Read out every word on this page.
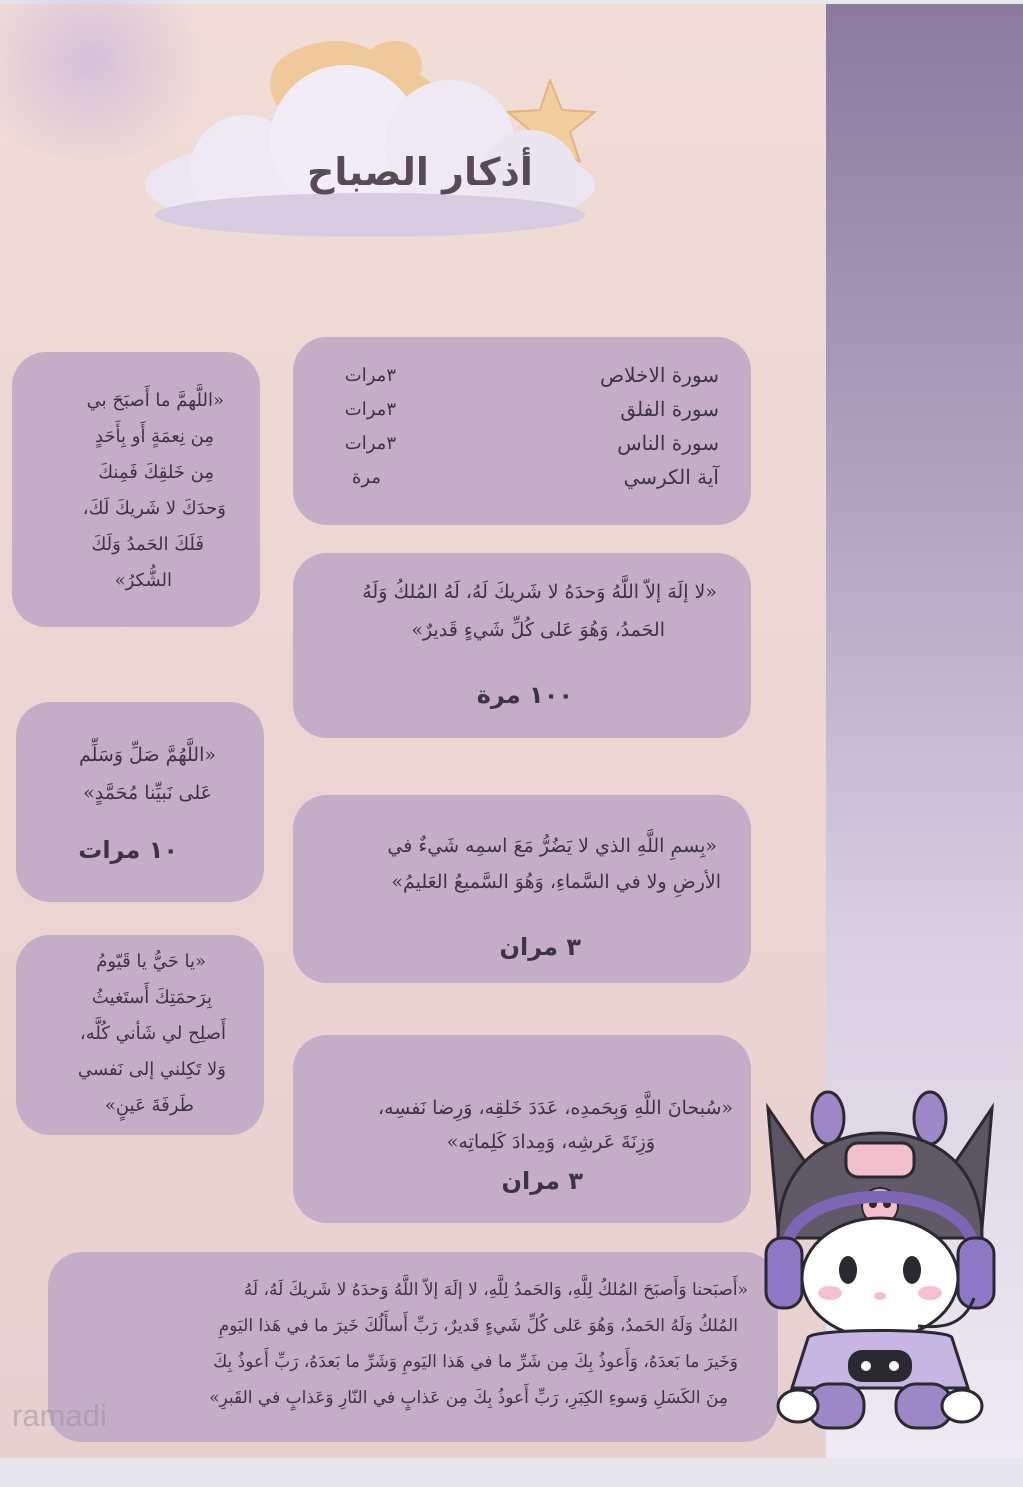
أذكار الصباح
سورة الاخلاص
٣مرات
سورة الفلق
٣مرات
سورة الناس
٣مرات
آية الكرسي
مرة
«لا إلَهَ إلاّ اللَّهُ وَحدَهُ لا شَريكَ لَهُ، لَهُ المُلكُ وَلَهُ
الحَمدُ، وَهُوَ عَلى كُلِّ شَيءٍ قَديرٌ»
١٠٠ مرة
«بِسمِ اللَّهِ الذي لا يَضُرُّ مَعَ اسمِه شَيءٌ في
الأرضِ ولا في السَّماءِ، وَهُوَ السَّميعُ العَليمُ»
٣ مران
«سُبحانَ اللَّهِ وَبِحَمدِه، عَدَدَ خَلقِه، وَرِضا نَفسِه،
وَزِنَةَ عَرشِه، وَمِدادَ كَلِماتِه»
٣ مران
«اللَّهمَّ ما أَصبَحَ بي
مِن نِعمَةٍ أَو بِأَحَدٍ
مِن خَلقِكَ فَمِنكَ
وَحدَكَ لا شَريكَ لَكَ،
فَلَكَ الحَمدُ وَلَكَ
الشُّكرُ»
«اللَّهُمَّ صَلِّ وَسَلِّم
عَلى نَبيِّنا مُحَمَّدٍ»
١٠ مرات
«يا حَيُّ يا قَيّومُ
بِرَحمَتِكَ أَستَغيثُ
أَصلِح لي شَأني كُلَّه،
وَلا تَكِلني إلى نَفسي
طَرفَةَ عَينٍ»
«أَصبَحنا وَأَصبَحَ المُلكُ لِلَّهِ، وَالحَمدُ لِلَّهِ، لا إلَهَ إلاّ اللَّهُ وَحدَهُ لا شَريكَ لَهُ، لَهُ
المُلكُ وَلَهُ الحَمدُ، وَهُوَ عَلى كُلِّ شَيءٍ قَديرٌ، رَبِّ أَسأَلُكَ خَيرَ ما في هَذا اليَومِ
وَخَيرَ ما بَعدَهُ، وَأَعوذُ بِكَ مِن شَرِّ ما في هَذا اليَومِ وَشَرِّ ما بَعدَهُ، رَبِّ أَعوذُ بِكَ
مِنَ الكَسَلِ وَسوءِ الكِبَرِ، رَبِّ أَعوذُ بِكَ مِن عَذابٍ في النّارِ وَعَذابٍ في القَبرِ»
ramadi
